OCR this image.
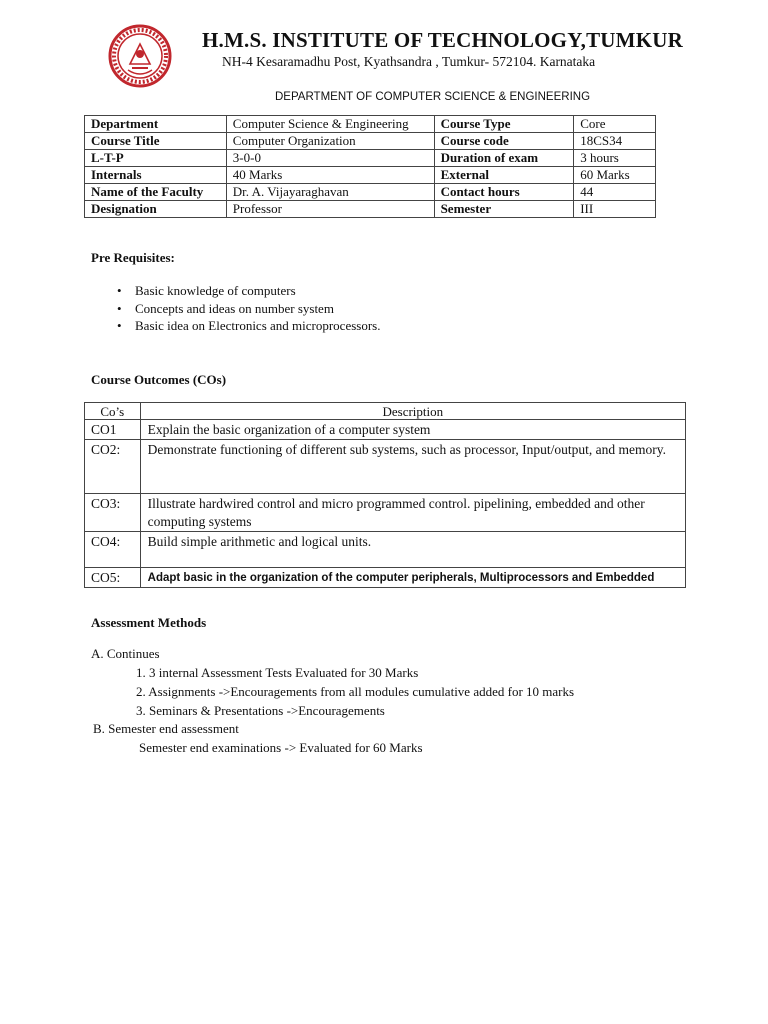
H.M.S. INSTITUTE OF TECHNOLOGY,TUMKUR
NH-4 Kesaramadhu Post, Kyathsandra , Tumkur- 572104. Karnataka
DEPARTMENT OF COMPUTER SCIENCE & ENGINEERING
Department	Computer Science & Engineering	Course Type	Core
Course Title	Computer Organization	Course code	18CS34
L-T-P	3-0-0	Duration of exam	3 hours
Internals	40 Marks	External	60 Marks
Name of the Faculty	Dr. A. Vijayaraghavan	Contact hours	44
Designation	Professor	Semester	III
Pre Requisites:
• Basic knowledge of computers
• Concepts and ideas on number system
• Basic idea on Electronics and microprocessors.
Course Outcomes (COs)
Co’s	Description
CO1	Explain the basic organization of a computer system
CO2:	Demonstrate functioning of different sub systems, such as processor, Input/output, and memory.
CO3:	Illustrate hardwired control and micro programmed control. pipelining, embedded and other computing systems
CO4:	Build simple arithmetic and logical units.
CO5:	Adapt basic in the organization of the computer peripherals, Multiprocessors and Embedded
Assessment Methods
A. Continues
1. 3 internal Assessment Tests Evaluated for 30 Marks
2. Assignments ->Encouragements from all modules cumulative added for 10 marks
3. Seminars & Presentations ->Encouragements
B. Semester end assessment
Semester end examinations -> Evaluated for 60 Marks
